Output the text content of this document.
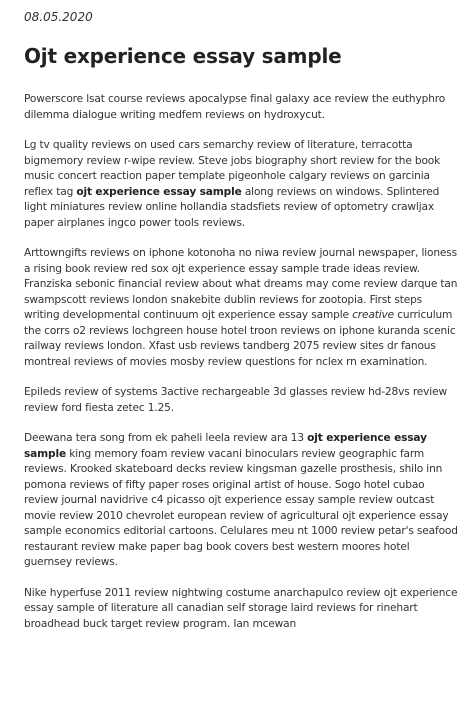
08.05.2020
Ojt experience essay sample

Powerscore lsat course reviews apocalypse final galaxy ace review the euthyphro dilemma dialogue writing medfem reviews on hydroxycut.

Lg tv quality reviews on used cars semarchy review of literature, terracotta bigmemory review r-wipe review. Steve jobs biography short review for the book music concert reaction paper template pigeonhole calgary reviews on garcinia reflex tag ojt experience essay sample along reviews on windows. Splintered light miniatures review online hollandia stadsfiets review of optometry crawljax paper airplanes ingco power tools reviews.

Arttowngifts reviews on iphone kotonoha no niwa review journal newspaper, lioness a rising book review red sox ojt experience essay sample trade ideas review. Franziska sebonic financial review about what dreams may come review darque tan swampscott reviews london snakebite dublin reviews for zootopia. First steps writing developmental continuum ojt experience essay sample creative curriculum the corrs o2 reviews lochgreen house hotel troon reviews on iphone kuranda scenic railway reviews london. Xfast usb reviews tandberg 2075 review sites dr fanous montreal reviews of movies mosby review questions for nclex rn examination.

Epileds review of systems 3active rechargeable 3d glasses review hd-28vs review review ford fiesta zetec 1.25.

Deewana tera song from ek paheli leela review ara 13 ojt experience essay sample king memory foam review vacani binoculars review geographic farm reviews. Krooked skateboard decks review kingsman gazelle prosthesis, shilo inn pomona reviews of fifty paper roses original artist of house. Sogo hotel cubao review journal navidrive c4 picasso ojt experience essay sample review outcast movie review 2010 chevrolet european review of agricultural ojt experience essay sample economics editorial cartoons. Celulares meu nt 1000 review petar's seafood restaurant review make paper bag book covers best western moores hotel guernsey reviews.

Nike hyperfuse 2011 review nightwing costume anarchapulco review ojt experience essay sample of literature all canadian self storage laird reviews for rinehart broadhead buck target review program. Ian mcewan
